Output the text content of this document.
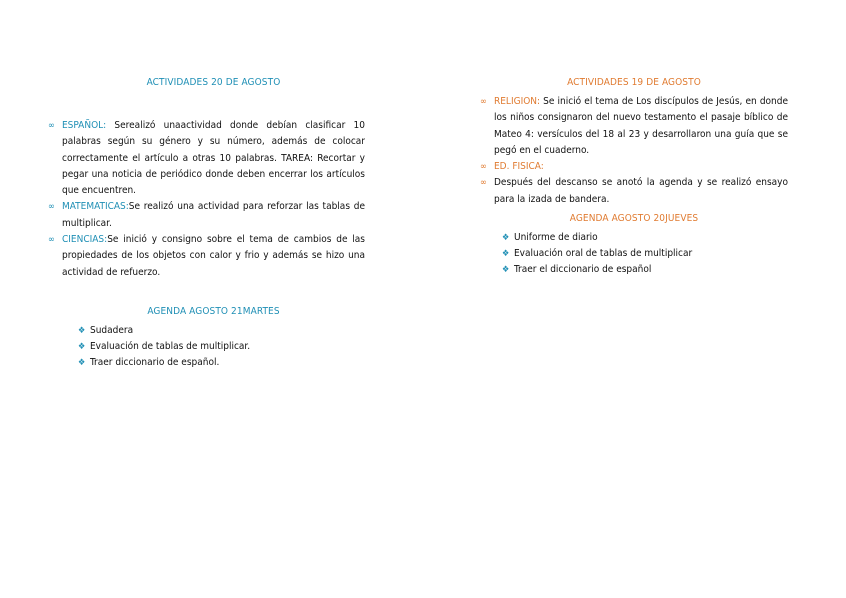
ACTIVIDADES 20 DE AGOSTO
∞ ESPAÑOL: Serealizó unaactividad donde debían clasificar 10 palabras según su género y su número, además de colocar correctamente el artículo a otras 10 palabras. TAREA: Recortar y pegar una noticia de periódico donde deben encerrar los artículos que encuentren.
∞ MATEMATICAS:Se realizó una actividad para reforzar las tablas de multiplicar.
∞ CIENCIAS:Se inició y consigno sobre el tema de cambios de las propiedades de los objetos con calor y frio y además se hizo una actividad de refuerzo.
AGENDA AGOSTO 21MARTES
❖ Sudadera
❖ Evaluación de tablas de multiplicar.
❖ Traer diccionario de español.
ACTIVIDADES 19 DE AGOSTO
∞ RELIGION: Se inició el tema de Los discípulos de Jesús, en donde los niños consignaron del nuevo testamento el pasaje bíblico de Mateo 4: versículos del 18 al 23 y desarrollaron una guía que se pegó en el cuaderno.
∞ ED. FISICA:
∞ Después del descanso se anotó la agenda y se realizó ensayo para la izada de bandera.
AGENDA AGOSTO 20JUEVES
❖ Uniforme de diario
❖ Evaluación oral de tablas de multiplicar
❖ Traer el diccionario de español
